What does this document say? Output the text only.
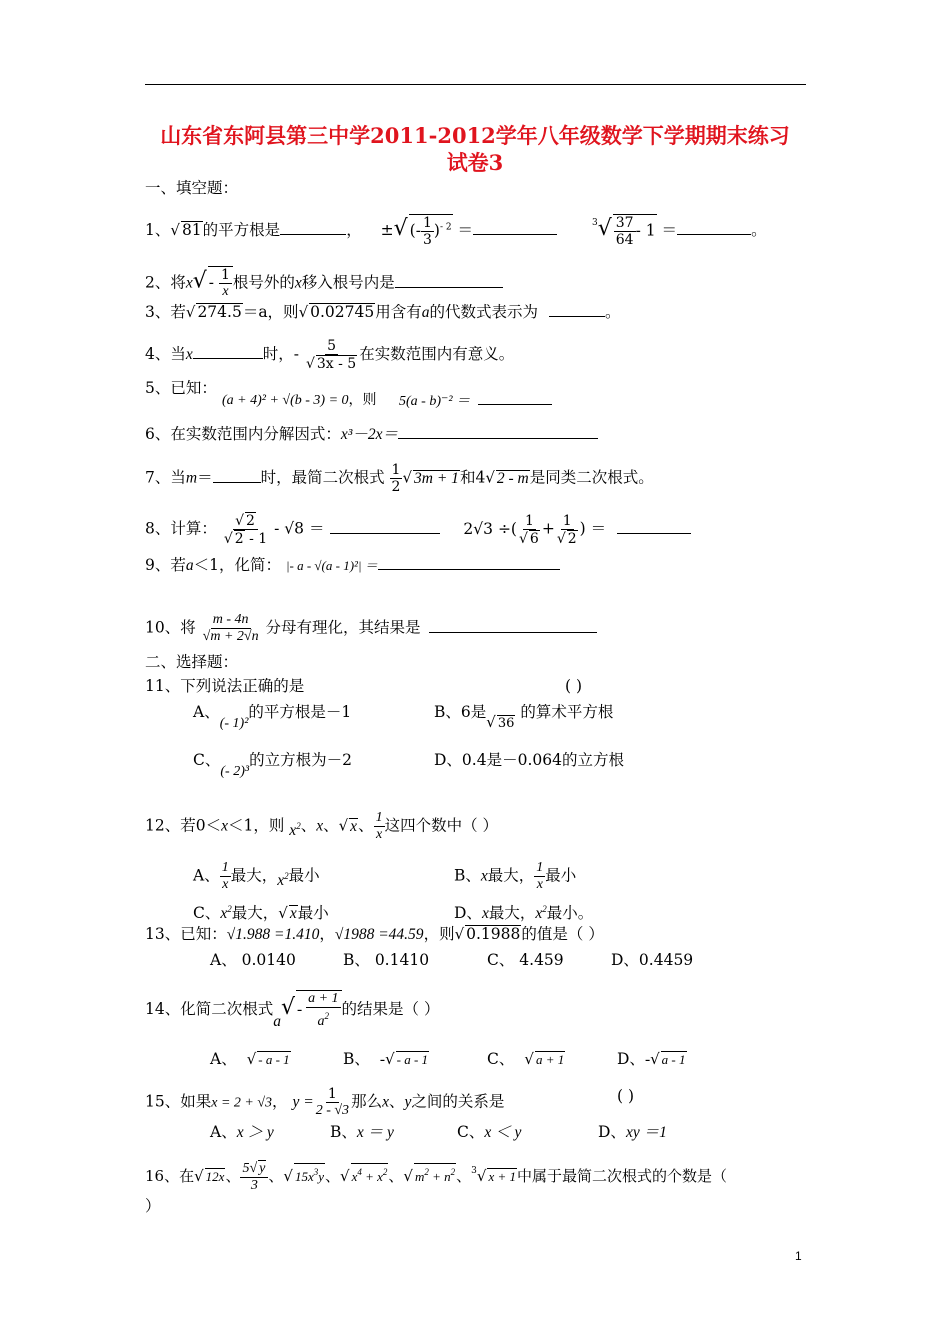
山东省东阿县第三中学2011-2012学年八年级数学下学期期末练习
试卷3
一、填空题：
1、√ 81的平方根是	， ±√ (- $\frac{1}{3} )^{- 2}$ ＝	$^3√ \frac{37}{64} - 1$ ＝	。
2、将$x√ - \frac{1}{x}$ 根号外的x移入根号内是
3、若√ 274.5＝a，则√ 0.02745用含有a的代数式表示为	。
4、当x	时，- $\frac{5}{√ 3x - 5}$ 在实数范围内有意义。
5、已知：
(a + 4)² + √(b - 3) = 0，则 5(a - b)⁻² ＝
6、在实数范围内分解因式：x³－2x＝
7、当m＝	时，最简二次根式 $\frac{1}{2}$ √ 3m + 1和4√ 2 - m是同类二次根式。
8、计算： $\frac{√ 2}{√ 2 - 1} - √8$ ＝	2√3 ÷( $\frac{1}{√ 6} + \frac{1}{√ 2}$ ) ＝
9、若a＜1，化简： |- a - √(a - 1)²| ＝
10、将 $\frac{m - 4n}{√m + 2√n}$ 分母有理化，其结果是
二、选择题：
11、下列说法正确的是	( )
A、(- 1)²的平方根是－1	B、6是√ 36 的算术平方根
C、(- 2)³的立方根为－2	D、0.4是－0.064的立方根
12、若0＜x＜1，则 $x^2$、x、√ x、 $\frac{1}{x}$ 这四个数中（ ）
A、 $\frac{1}{x}$ 最大，$x^2$最小	B、x最大， $\frac{1}{x}$ 最小
C、$x^2$最大，√ x最小	D、x最大，$x^2$最小。
13、已知：√1.988 =1.410，√1988 =44.59，则√ 0.1988的值是（ ）
A、 0.0140	B、 0.1410	C、 4.459	D、0.4459
14、化简二次根式$a√ - \frac{a + 1}{a^2}$ 的结果是（ ）
A、 √ - a - 1	B、 -√ - a - 1	C、 √ a + 1	D、-√ a - 1
15、如果x = 2 + √3， $y = \frac{1}{2 - √3}$ 那么x、y之间的关系是	( )
A、x ＞ y	B、x ＝ y	C、x ＜ y	D、xy ＝1
16、在√ 12x、 $\frac{5√ y}{3}$ 、√ $15x^3y$、√ $x^4 + x^2$、√ $m^2 + n^2$、$^3$√ x + 1中属于最简二次根式的个数是（
）
1
